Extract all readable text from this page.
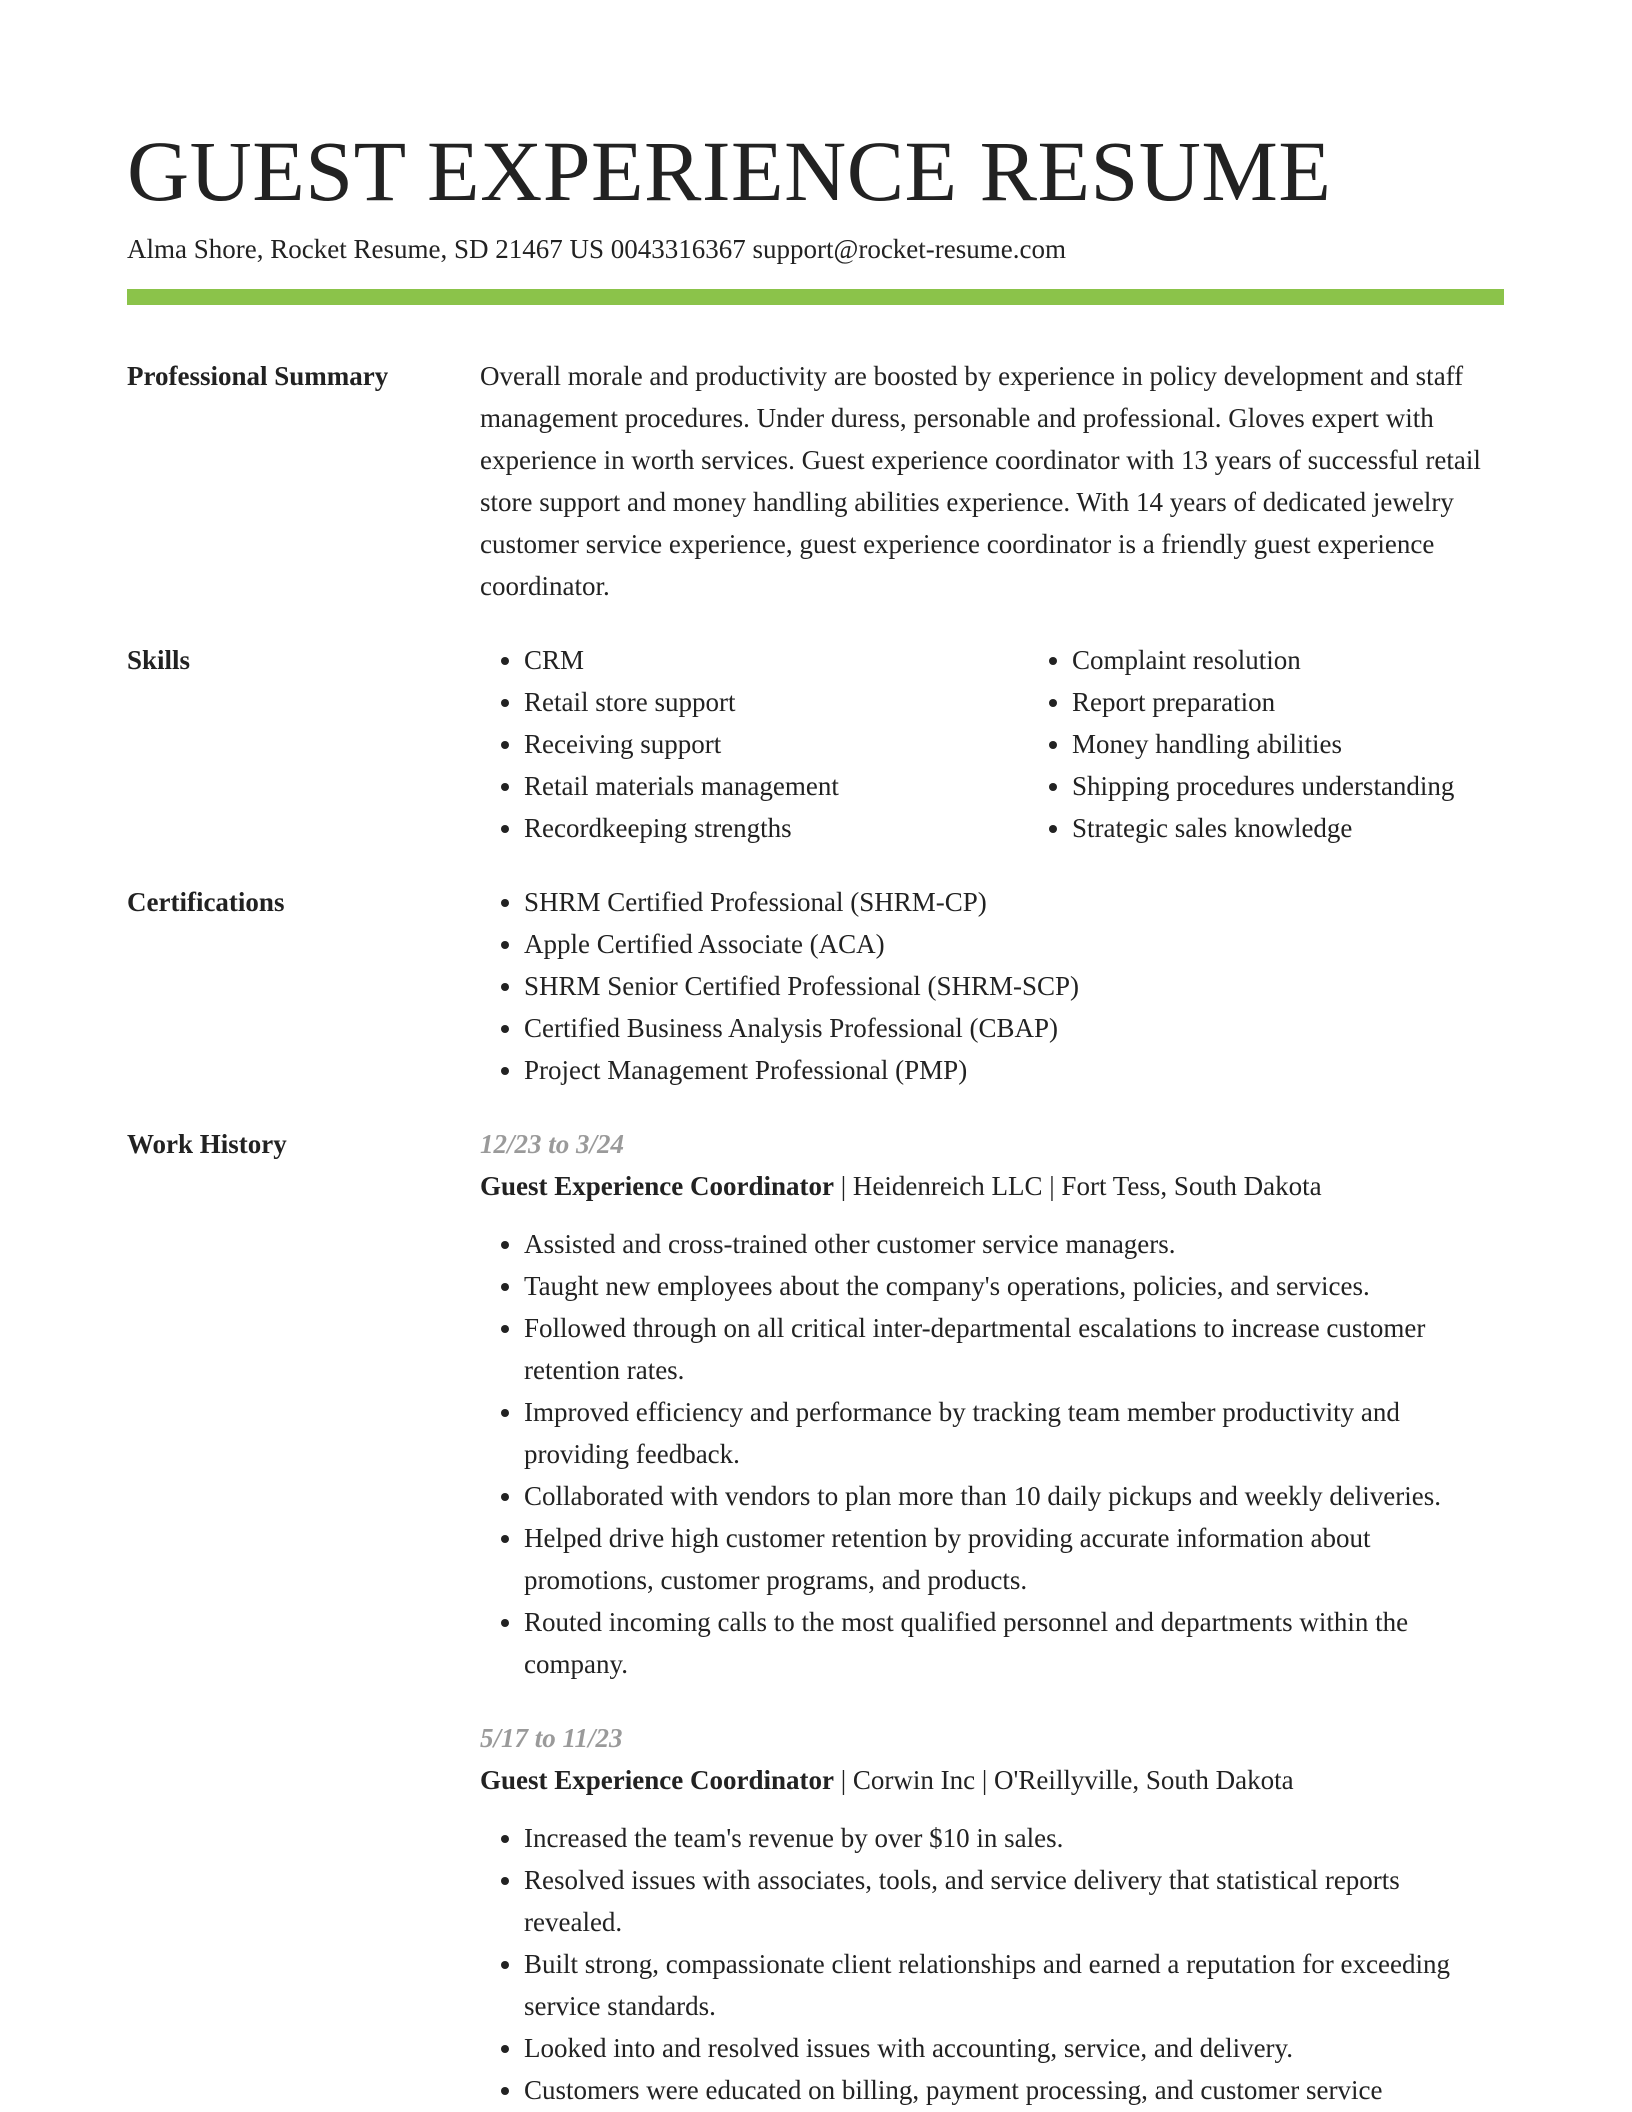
GUEST EXPERIENCE RESUME
Alma Shore, Rocket Resume, SD 21467 US 0043316367 support@rocket-resume.com
Professional Summary	Overall morale and productivity are boosted by experience in policy development and staff management procedures. Under duress, personable and professional. Gloves expert with experience in worth services. Guest experience coordinator with 13 years of successful retail store support and money handling abilities experience. With 14 years of dedicated jewelry customer service experience, guest experience coordinator is a friendly guest experience coordinator.

Skills	• CRM
• Retail store support
• Receiving support
• Retail materials management
• Recordkeeping strengths
• Complaint resolution
• Report preparation
• Money handling abilities
• Shipping procedures understanding
• Strategic sales knowledge
Certifications	• SHRM Certified Professional (SHRM-CP)
• Apple Certified Associate (ACA)
• SHRM Senior Certified Professional (SHRM-SCP)
• Certified Business Analysis Professional (CBAP)
• Project Management Professional (PMP)
Work History	12/23 to 3/24
Guest Experience Coordinator | Heidenreich LLC | Fort Tess, South Dakota
• Assisted and cross-trained other customer service managers.
• Taught new employees about the company's operations, policies, and services.
• Followed through on all critical inter-departmental escalations to increase customer retention rates.
• Improved efficiency and performance by tracking team member productivity and providing feedback.
• Collaborated with vendors to plan more than 10 daily pickups and weekly deliveries.
• Helped drive high customer retention by providing accurate information about promotions, customer programs, and products.
• Routed incoming calls to the most qualified personnel and departments within the company.
5/17 to 11/23
Guest Experience Coordinator | Corwin Inc | O'Reillyville, South Dakota
• Increased the team's revenue by over $10 in sales.
• Resolved issues with associates, tools, and service delivery that statistical reports revealed.
• Built strong, compassionate client relationships and earned a reputation for exceeding service standards.
• Looked into and resolved issues with accounting, service, and delivery.
• Customers were educated on billing, payment processing, and customer service
